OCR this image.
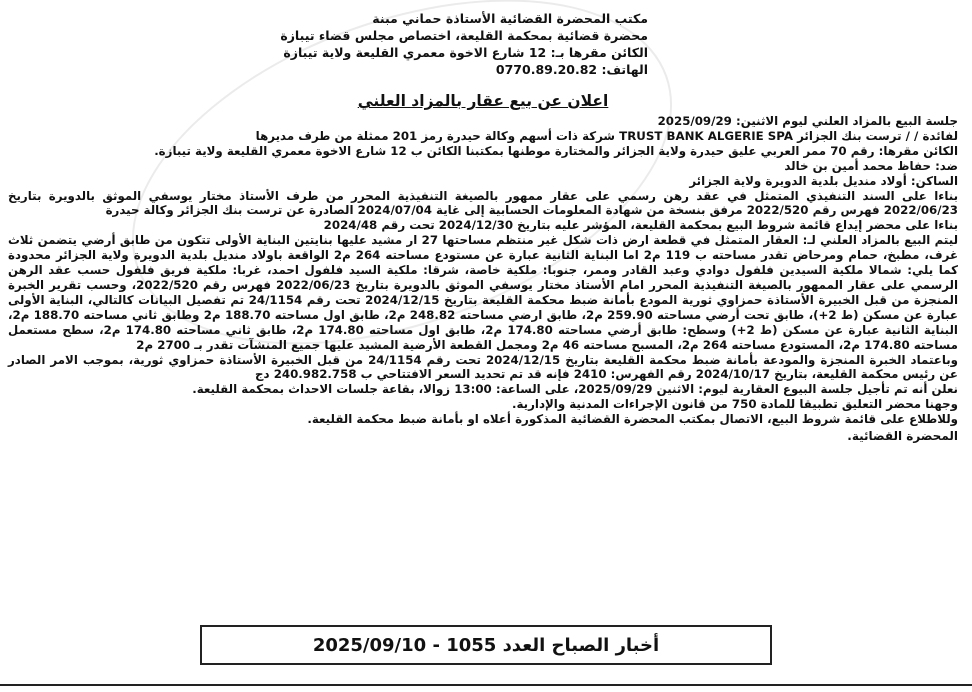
مكتب المحضرة القضائية الأستاذة حماني مبنة
محضرة قضائية بمحكمة القليعة، اختصاص مجلس قضاء تيبازة
الكائن مقرها بـ: 12 شارع الاخوة معمري القليعة ولاية تيبازة
الهاتف: 0770.89.20.82
اعلان عن بيع عقار بالمزاد العلني

جلسة البيع بالمزاد العلني ليوم الاثنين: 2025/09/29

لفائدة / / ترست بنك الجزائر TRUST BANK ALGERIE SPA شركة ذات أسهم وكالة حيدرة رمز 201 ممثلة من طرف مديرها

الكائن مقرها: رقم 70 ممر العربي عليق حيدرة ولاية الجزائر والمختارة موطنها بمكتبنا الكائن ب 12 شارع الاخوة معمري القليعة ولاية تيبازة.

ضد: حفاظ محمد أمين بن خالد

الساكن: أولاد منديل بلدية الدويرة ولاية الجزائر

بناءا على السند التنفيذي المتمثل في عقد رهن رسمي على عقار ممهور بالصيغة التنفيذية المحرر من طرف الأستاذ مختار يوسفي الموثق بالدويرة بتاريخ 2022/06/23 فهرس رقم 2022/520 مرفق بنسخة من شهادة المعلومات الحسابية إلى غاية 2024/07/04 الصادرة عن ترست بنك الجزائر وكالة حيدرة

بناءا على محضر إيداع قائمة شروط البيع بمحكمة القليعة، المؤشر عليه بتاريخ 2024/12/30 تحت رقم 2024/48

ليتم البيع بالمزاد العلني لـ: العقار المتمثل في قطعة ارض ذات شكل غير منتظم مساحتها 27 ار مشيد عليها بنايتين البناية الأولى تتكون من طابق أرضي يتضمن ثلاث غرف، مطبخ، حمام ومرحاض تقدر مساحته ب 119 م2 اما البناية الثانية عبارة عن مستودع مساحته 264 م2 الواقعة باولاد منديل بلدية الدويرة ولاية الجزائر محدودة كما يلي: شمالا ملكية السيدين فلفول دوادي وعبد القادر وممر، جنوبا: ملكية خاصة، شرقا: ملكية السيد فلفول احمد، غربا: ملكية فريق فلفول حسب عقد الرهن الرسمي على عقار الممهور بالصيغة التنفيذية المحرر امام الأستاذ مختار يوسفي الموثق بالدويرة بتاريخ 2022/06/23 فهرس رقم 2022/520، وحسب تقرير الخبرة المنجزة من قبل الخبيرة الأستاذة حمزاوي ثورية المودع بأمانة ضبط محكمة القليعة بتاريخ 2024/12/15 تحت رقم 24/1154 تم تفصيل البيانات كالتالي، البناية الأولى عبارة عن مسكن (ط 2+)، طابق تحت أرضي مساحته 259.90 م2، طابق ارضي مساحته 248.82 م2، طابق اول مساحته 188.70 م2 وطابق ثاني مساحته 188.70 م2، البناية الثانية عبارة عن مسكن (ط 2+) وسطح: طابق أرضي مساحته 174.80 م2، طابق اول مساحته 174.80 م2، طابق ثاني مساحته 174.80 م2، سطح مستعمل مساحته 174.80 م2، المستودع مساحته 264 م2، المسبح مساحته 46 م2 ومجمل القطعة الأرضية المشيد عليها جميع المنشآت تقدر بـ 2700 م2

وباعتماد الخبرة المنجزة والمودعة بأمانة ضبط محكمة القليعة بتاريخ 2024/12/15 تحت رقم 24/1154 من قبل الخبيرة الأستاذة حمزاوي ثورية، بموجب الامر الصادر عن رئيس محكمة القليعة، بتاريخ 2024/10/17 رقم الفهرس: 2410 فإنه قد تم تحديد السعر الافتتاحي ب 240.982.758 دج

نعلن أنه تم تأجيل جلسة البيوع العقارية ليوم: الاثنين 2025/09/29، على الساعة: 13:00 زوالا، بقاعة جلسات الاحداث بمحكمة القليعة.

وجهنا محضر التعليق تطبيقا للمادة 750 من قانون الإجراءات المدنية والإدارية.

وللاطلاع على قائمة شروط البيع، الاتصال بمكتب المحضرة القضائية المذكورة أعلاه او بأمانة ضبط محكمة القليعة.

المحضرة القضائية.
أخبار الصباح العدد 1055 - 2025/09/10
